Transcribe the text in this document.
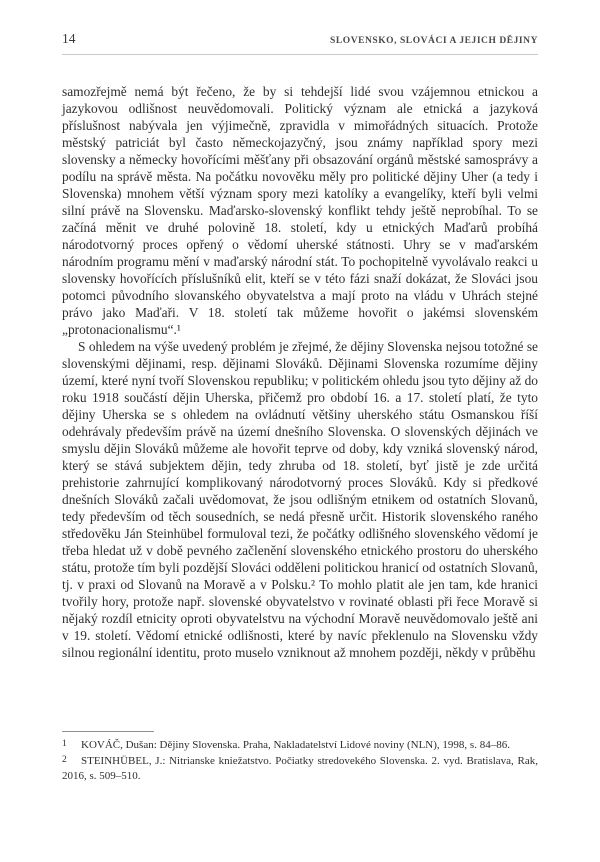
14	SLOVENSKO, SLOVÁCI A JEJICH DĚJINY

samozřejmě nemá být řečeno, že by si tehdejší lidé svou vzájemnou etnickou a jazykovou odlišnost neuvědomovali. Politický význam ale etnická a jazyková příslušnost nabývala jen výjimečně, zpravidla v mimořádných situacích. Protože městský patriciát byl často německojazyčný, jsou známy například spory mezi slovensky a německy hovořícími měšťany při obsazování orgánů městské samosprávy a podílu na správě města. Na počátku novověku měly pro politické dějiny Uher (a tedy i Slovenska) mnohem větší význam spory mezi katolíky a evangelíky, kteří byli velmi silní právě na Slovensku. Maďarsko-slovenský konflikt tehdy ještě neprobíhal. To se začíná měnit ve druhé polovině 18. století, kdy u etnických Maďarů probíhá národotvorný proces opřený o vědomí uherské státnosti. Uhry se v maďarském národním programu mění v maďarský národní stát. To pochopitelně vyvolávalo reakci u slovensky hovořících příslušníků elit, kteří se v této fázi snaží dokázat, že Slováci jsou potomci původního slovanského obyvatelstva a mají proto na vládu v Uhrách stejné právo jako Maďaři. V 18. století tak můžeme hovořit o jakémsi slovenském „protonacionalismu“.¹

S ohledem na výše uvedený problém je zřejmé, že dějiny Slovenska nejsou totožné se slovenskými dějinami, resp. dějinami Slováků. Dějinami Slovenska rozumíme dějiny území, které nyní tvoří Slovenskou republiku; v politickém ohledu jsou tyto dějiny až do roku 1918 součástí dějin Uherska, přičemž pro období 16. a 17. století platí, že tyto dějiny Uherska se s ohledem na ovládnutí většiny uherského státu Osmanskou říší odehrávaly především právě na území dnešního Slovenska. O slovenských dějinách ve smyslu dějin Slováků můžeme ale hovořit teprve od doby, kdy vzniká slovenský národ, který se stává subjektem dějin, tedy zhruba od 18. století, byť jistě je zde určitá prehistorie zahrnující komplikovaný národotvorný proces Slováků. Kdy si předkové dnešních Slováků začali uvědomovat, že jsou odlišným etnikem od ostatních Slovanů, tedy především od těch sousedních, se nedá přesně určit. Historik slovenského raného středověku Ján Steinhübel formuloval tezi, že počátky odlišného slovenského vědomí je třeba hledat už v době pevného začlenění slovenského etnického prostoru do uherského státu, protože tím byli pozdější Slováci odděleni politickou hranicí od ostatních Slovanů, tj. v praxi od Slovanů na Moravě a v Polsku.² To mohlo platit ale jen tam, kde hranici tvořily hory, protože např. slovenské obyvatelstvo v rovinaté oblasti při řece Moravě si nějaký rozdíl etnicity oproti obyvatelstvu na východní Moravě neuvědomovalo ještě ani v 19. století. Vědomí etnické odlišnosti, které by navíc překlenulo na Slovensku vždy silnou regionální identitu, proto muselo vzniknout až mnohem později, někdy v průběhu

1 KOVÁČ, Dušan: Dějiny Slovenska. Praha, Nakladatelství Lidové noviny (NLN), 1998, s. 84–86.

2 STEINHÜBEL, J.: Nitrianske kniežatstvo. Počiatky stredovekého Slovenska. 2. vyd. Bratislava, Rak, 2016, s. 509–510.
